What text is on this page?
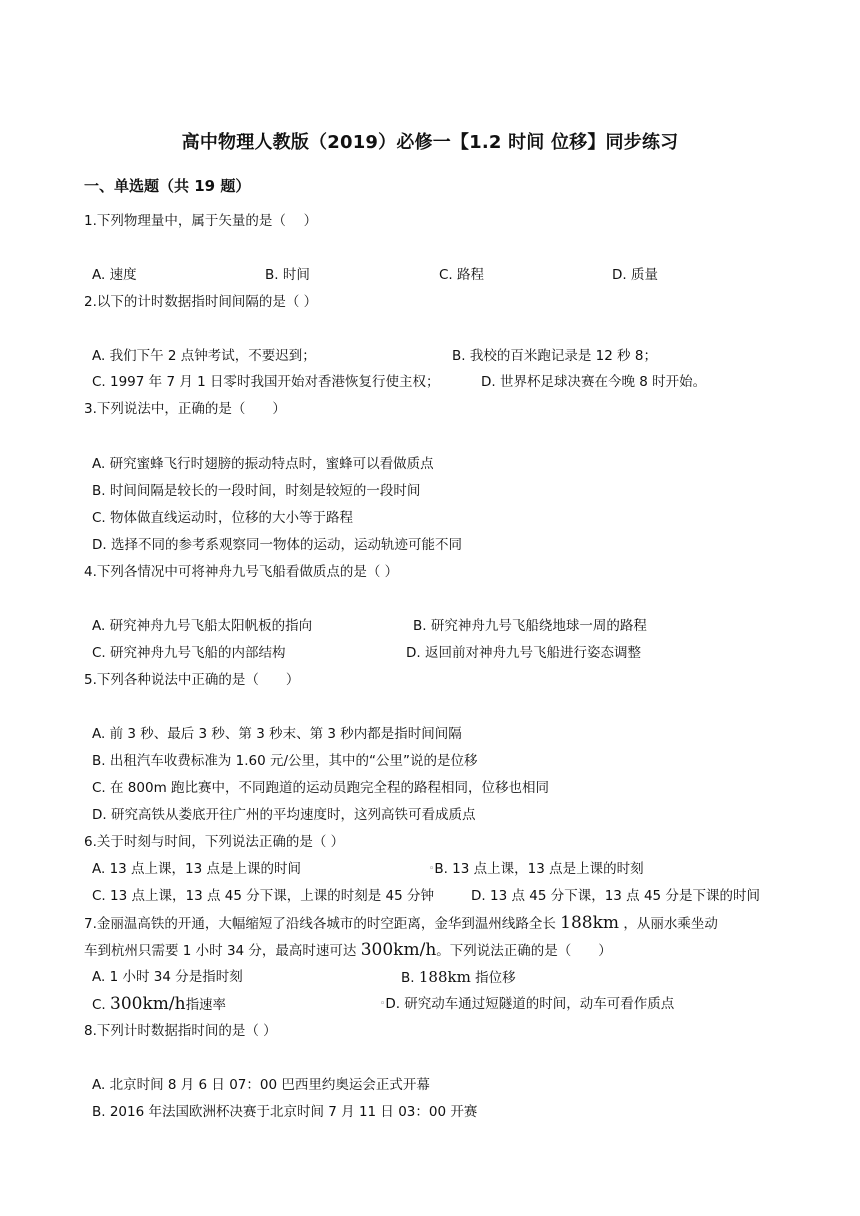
高中物理人教版（2019）必修一【1.2 时间 位移】同步练习
一、单选题（共 19 题）
1.下列物理量中，属于矢量的是（　 ）
A. 速度	B. 时间	C. 路程	D. 质量
2.以下的计时数据指时间间隔的是（ ）
A. 我们下午 2 点钟考试，不要迟到；	B. 我校的百米跑记录是 12 秒 8；
C. 1997 年 7 月 1 日零时我国开始对香港恢复行使主权；	D. 世界杯足球决赛在今晚 8 时开始。
3.下列说法中，正确的是（　　）
A. 研究蜜蜂飞行时翅膀的振动特点时，蜜蜂可以看做质点
B. 时间间隔是较长的一段时间，时刻是较短的一段时间
C. 物体做直线运动时，位移的大小等于路程
D. 选择不同的参考系观察同一物体的运动，运动轨迹可能不同
4.下列各情况中可将神舟九号飞船看做质点的是（ ）
A. 研究神舟九号飞船太阳帆板的指向	B. 研究神舟九号飞船绕地球一周的路程
C. 研究神舟九号飞船的内部结构	D. 返回前对神舟九号飞船进行姿态调整
5.下列各种说法中正确的是（　　）
A. 前 3 秒、最后 3 秒、第 3 秒末、第 3 秒内都是指时间间隔
B. 出租汽车收费标准为 1.60 元/公里，其中的“公里”说的是位移
C. 在 800m 跑比赛中，不同跑道的运动员跑完全程的路程相同，位移也相同
D. 研究高铁从娄底开往广州的平均速度时，这列高铁可看成质点
6.关于时刻与时间，下列说法正确的是（ ）
A. 13 点上课，13 点是上课的时间	◦B. 13 点上课，13 点是上课的时刻
C. 13 点上课，13 点 45 分下课，上课的时刻是 45 分钟	D. 13 点 45 分下课，13 点 45 分是下课的时间
7.金丽温高铁的开通，大幅缩短了沿线各城市的时空距离，金华到温州线路全长 188km ，从丽水乘坐动
车到杭州只需要 1 小时 34 分，最高时速可达 300km/h。下列说法正确的是（　　）
A. 1 小时 34 分是指时刻	B. 188km 指位移
C. 300km/h指速率	◦D. 研究动车通过短隧道的时间，动车可看作质点
8.下列计时数据指时间的是（ ）
A. 北京时间 8 月 6 日 07：00 巴西里约奥运会正式开幕
B. 2016 年法国欧洲杯决赛于北京时间 7 月 11 日 03：00 开赛
